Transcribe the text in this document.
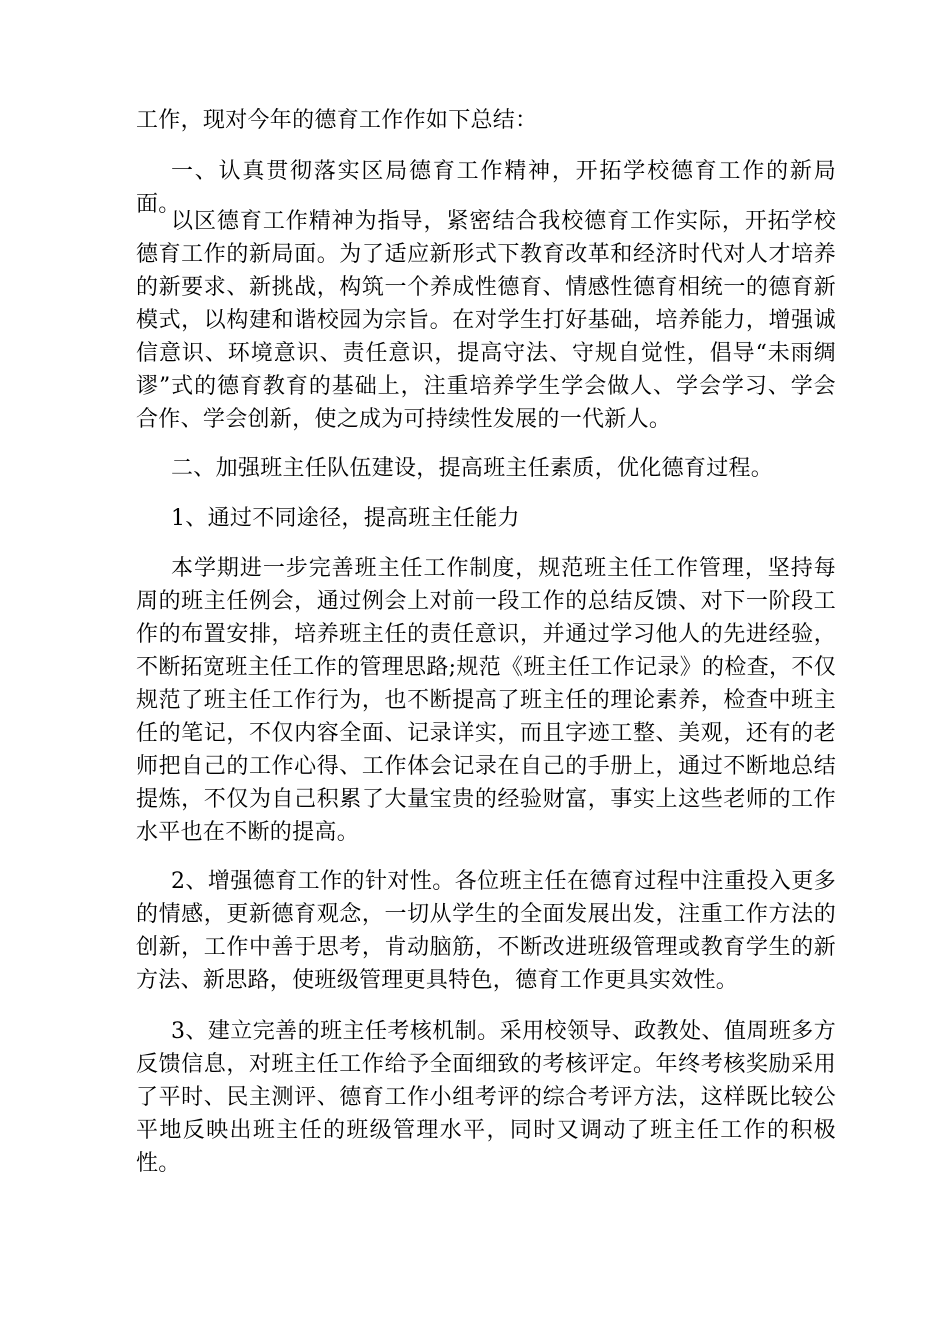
工作，现对今年的德育工作作如下总结：

一、认真贯彻落实区局德育工作精神，开拓学校德育工作的新局面。

以区德育工作精神为指导，紧密结合我校德育工作实际，开拓学校德育工作的新局面。为了适应新形式下教育改革和经济时代对人才培养的新要求、新挑战，构筑一个养成性德育、情感性德育相统一的德育新模式，以构建和谐校园为宗旨。在对学生打好基础，培养能力，增强诚信意识、环境意识、责任意识，提高守法、守规自觉性，倡导“未雨绸谬”式的德育教育的基础上，注重培养学生学会做人、学会学习、学会合作、学会创新，使之成为可持续性发展的一代新人。

二、加强班主任队伍建设，提高班主任素质，优化德育过程。

1、通过不同途径，提高班主任能力

本学期进一步完善班主任工作制度，规范班主任工作管理，坚持每周的班主任例会，通过例会上对前一段工作的总结反馈、对下一阶段工作的布置安排，培养班主任的责任意识，并通过学习他人的先进经验，不断拓宽班主任工作的管理思路;规范《班主任工作记录》的检查，不仅规范了班主任工作行为，也不断提高了班主任的理论素养，检查中班主任的笔记，不仅内容全面、记录详实，而且字迹工整、美观，还有的老师把自己的工作心得、工作体会记录在自己的手册上，通过不断地总结提炼，不仅为自己积累了大量宝贵的经验财富，事实上这些老师的工作水平也在不断的提高。

2、增强德育工作的针对性。各位班主任在德育过程中注重投入更多的情感，更新德育观念，一切从学生的全面发展出发，注重工作方法的创新，工作中善于思考，肯动脑筋，不断改进班级管理或教育学生的新方法、新思路，使班级管理更具特色，德育工作更具实效性。

3、建立完善的班主任考核机制。采用校领导、政教处、值周班多方反馈信息，对班主任工作给予全面细致的考核评定。年终考核奖励采用了平时、民主测评、德育工作小组考评的综合考评方法，这样既比较公平地反映出班主任的班级管理水平，同时又调动了班主任工作的积极性。
